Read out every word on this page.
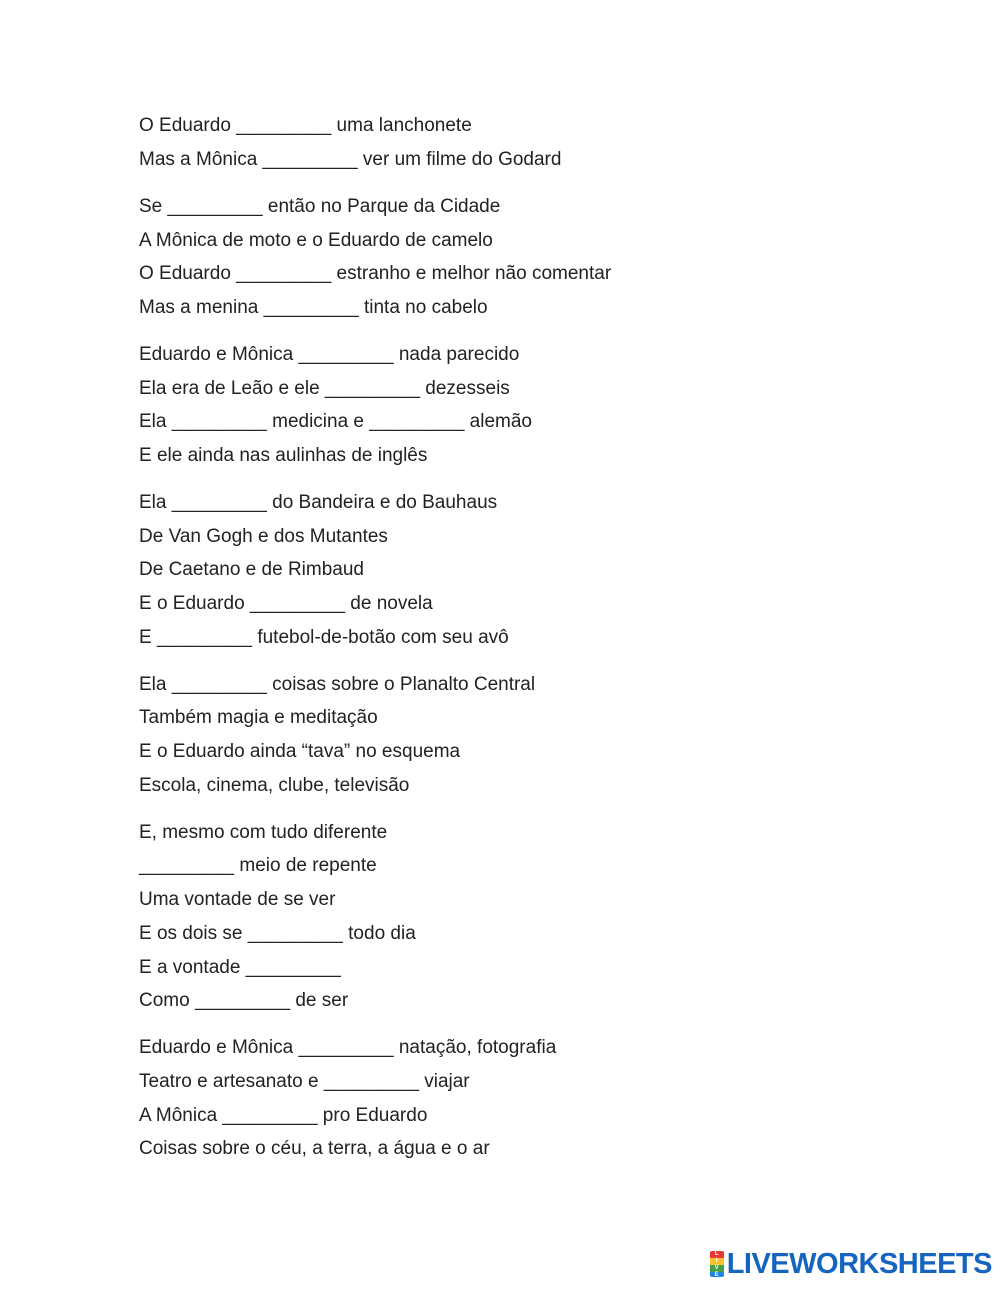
O Eduardo _________ uma lanchonete
Mas a Mônica _________ ver um filme do Godard
Se _________ então no Parque da Cidade
A Mônica de moto e o Eduardo de camelo
O Eduardo _________ estranho e melhor não comentar
Mas a menina _________ tinta no cabelo
Eduardo e Mônica _________ nada parecido
Ela era de Leão e ele _________ dezesseis
Ela _________ medicina e _________ alemão
E ele ainda nas aulinhas de inglês
Ela _________ do Bandeira e do Bauhaus
De Van Gogh e dos Mutantes
De Caetano e de Rimbaud
E o Eduardo _________ de novela
E _________ futebol-de-botão com seu avô
Ela _________ coisas sobre o Planalto Central
Também magia e meditação
E o Eduardo ainda “tava” no esquema
Escola, cinema, clube, televisão
E, mesmo com tudo diferente
_________ meio de repente
Uma vontade de se ver
E os dois se _________ todo dia
E a vontade _________
Como _________ de ser
Eduardo e Mônica _________ natação, fotografia
Teatro e artesanato e _________ viajar
A Mônica _________ pro Eduardo
Coisas sobre o céu, a terra, a água e o ar
L
I
V
E LIVEWORKSHEETS
